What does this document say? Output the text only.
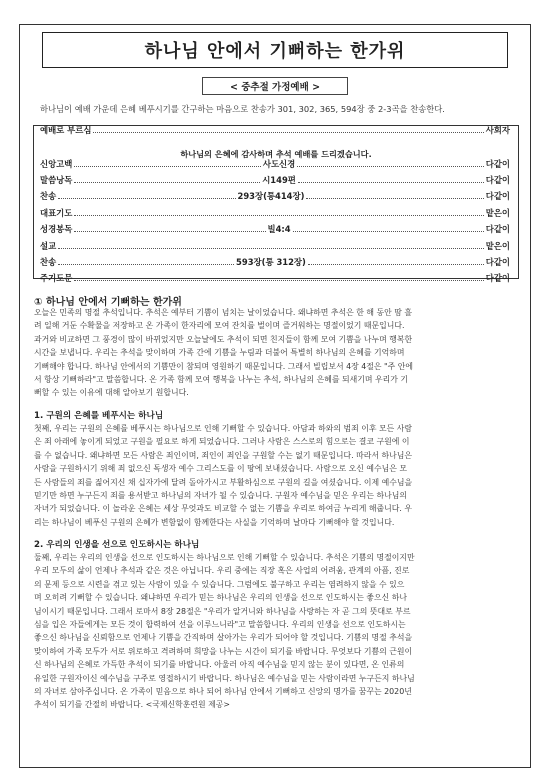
하나님 안에서 기뻐하는 한가위
< 중추절 가정예배 >
하나님이 예배 가운데 은혜 베푸시기를 간구하는 마음으로 찬송가 301, 302, 365, 594장 중 2-3곡을 찬송한다.
하나님의 은혜에 감사하며 추석 예배를 드리겠습니다.
예배로 부르심	사회자
신앙고백	사도신경	다같이
말씀낭독	시149편	다같이
찬송	293장(통414장)	다같이
대표기도	맡은이
성경봉독	빌4:4	다같이
설교	맡은이
찬송	593장(통 312장)	다같이
주기도문	다같이
① 하나님 안에서 기뻐하는 한가위
오늘은 민족의 명절 추석입니다. 추석은 예부터 기쁨이 넘치는 날이었습니다. 왜냐하면 추석은 한 해 동안 땀 흘
려 일해 거둔 수확물을 저장하고 온 가족이 한자리에 모여 잔치를 벌이며 즐거워하는 명절이었기 때문입니다.
과거와 비교하면 그 풍경이 많이 바뀌었지만 오늘날에도 추석이 되면 친지들이 함께 모여 기쁨을 나누며 행복한
시간을 보냅니다. 우리는 추석을 맞이하며 가족 간에 기쁨을 누림과 더불어 특별히 하나님의 은혜를 기억하며
기뻐해야 합니다. 하나님 안에서의 기쁨만이 참되며 영원하기 때문입니다. 그래서 빌립보서 4장 4절은 "주 안에
서 항상 기뻐하라"고 말씀합니다. 온 가족 함께 모여 행복을 나누는 추석, 하나님의 은혜를 되새기며 우리가 기
뻐할 수 있는 이유에 대해 알아보기 원합니다.
1. 구원의 은혜를 베푸시는 하나님
첫째, 우리는 구원의 은혜를 베푸시는 하나님으로 인해 기뻐할 수 있습니다. 아담과 하와의 범죄 이후 모든 사람
은 죄 아래에 놓이게 되었고 구원을 필요로 하게 되었습니다. 그러나 사람은 스스로의 힘으로는 결코 구원에 이
를 수 없습니다. 왜냐하면 모든 사람은 죄인이며, 죄인이 죄인을 구원할 수는 없기 때문입니다. 따라서 하나님은
사람을 구원하시기 위해 죄 없으신 독생자 예수 그리스도를 이 땅에 보내셨습니다. 사람으로 오신 예수님은 모
든 사람들의 죄를 짊어지신 채 십자가에 달려 돌아가시고 부활하심으로 구원의 길을 여셨습니다. 이제 예수님을
믿기만 하면 누구든지 죄를 용서받고 하나님의 자녀가 될 수 있습니다. 구원자 예수님을 믿은 우리는 하나님의
자녀가 되었습니다. 이 놀라운 은혜는 세상 무엇과도 비교할 수 없는 기쁨을 우리로 하여금 누리게 해줍니다. 우
리는 하나님이 베푸신 구원의 은혜가 변함없이 함께한다는 사실을 기억하며 날마다 기뻐해야 할 것입니다.
2. 우리의 인생을 선으로 인도하시는 하나님
둘째, 우리는 우리의 인생을 선으로 인도하시는 하나님으로 인해 기뻐할 수 있습니다. 추석은 기쁨의 명절이지만
우리 모두의 삶이 언제나 추석과 같은 것은 아닙니다. 우리 중에는 직장 혹은 사업의 어려움, 관계의 아픔, 진로
의 문제 등으로 시련을 겪고 있는 사람이 있을 수 있습니다. 그럼에도 불구하고 우리는 염려하지 않을 수 있으
며 오히려 기뻐할 수 있습니다. 왜냐하면 우리가 믿는 하나님은 우리의 인생을 선으로 인도하시는 좋으신 하나
님이시기 때문입니다. 그래서 로마서 8장 28절은 "우리가 알거니와 하나님을 사랑하는 자 곧 그의 뜻대로 부르
심을 입은 자들에게는 모든 것이 합력하여 선을 이루느니라"고 말씀합니다. 우리의 인생을 선으로 인도하시는
좋으신 하나님을 신뢰함으로 언제나 기쁨을 간직하며 살아가는 우리가 되어야 할 것입니다. 기쁨의 명절 추석을
맞이하여 가족 모두가 서로 위로하고 격려하며 희망을 나누는 시간이 되기를 바랍니다. 무엇보다 기쁨의 근원이
신 하나님의 은혜로 가득한 추석이 되기를 바랍니다. 아울러 아직 예수님을 믿지 않는 분이 있다면, 온 인류의
유일한 구원자이신 예수님을 구주로 영접하시기 바랍니다. 하나님은 예수님을 믿는 사람이라면 누구든지 하나님
의 자녀로 삼아주십니다. 온 가족이 믿음으로 하나 되어 하나님 안에서 기뻐하고 신앙의 명가를 꿈꾸는 2020년
추석이 되기를 간절히 바랍니다. <국제신학훈련원 제공>
